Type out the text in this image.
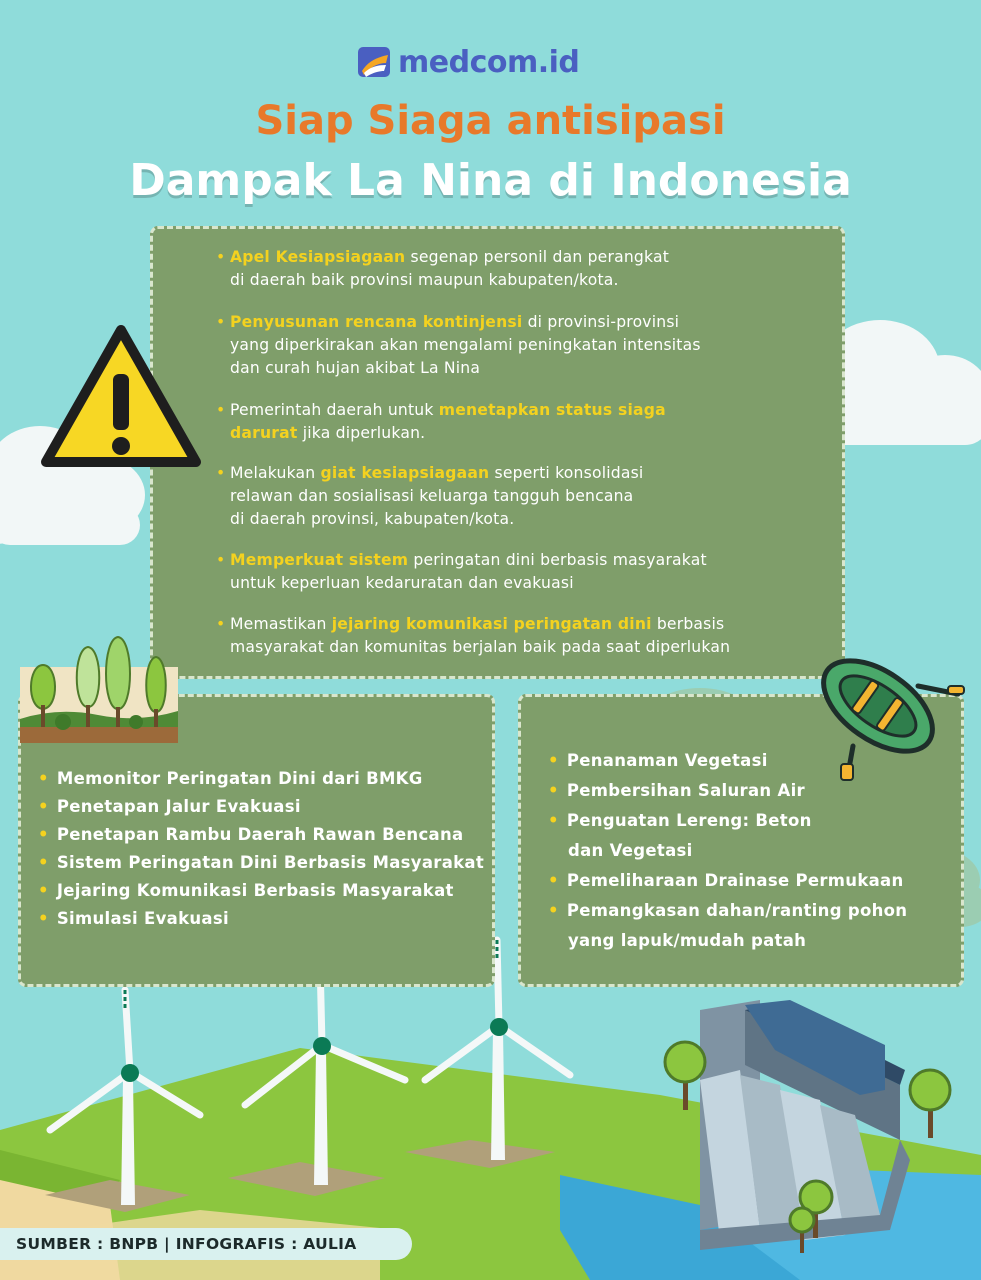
medcom.id
Siap Siaga antisipasi
Dampak La Nina di Indonesia
• Apel Kesiapsiagaan segenap personil dan perangkat
di daerah baik provinsi maupun kabupaten/kota.
• Penyusunan rencana kontinjensi di provinsi-provinsi
yang diperkirakan akan mengalami peningkatan intensitas
dan curah hujan akibat La Nina
• Pemerintah daerah untuk menetapkan status siaga
darurat jika diperlukan.
• Melakukan giat kesiapsiagaan seperti konsolidasi
relawan dan sosialisasi keluarga tangguh bencana
di daerah provinsi, kabupaten/kota.
• Memperkuat sistem peringatan dini berbasis masyarakat
untuk keperluan kedaruratan dan evakuasi
• Memastikan jejaring komunikasi peringatan dini berbasis
masyarakat dan komunitas berjalan baik pada saat diperlukan
• Memonitor Peringatan Dini dari BMKG
• Penetapan Jalur Evakuasi
• Penetapan Rambu Daerah Rawan Bencana
• Sistem Peringatan Dini Berbasis Masyarakat
• Jejaring Komunikasi Berbasis Masyarakat
• Simulasi Evakuasi
• Penanaman Vegetasi
• Pembersihan Saluran Air
• Penguatan Lereng: Beton
dan Vegetasi
• Pemeliharaan Drainase Permukaan
• Pemangkasan dahan/ranting pohon
yang lapuk/mudah patah
SUMBER : BNPB | INFOGRAFIS : AULIA
